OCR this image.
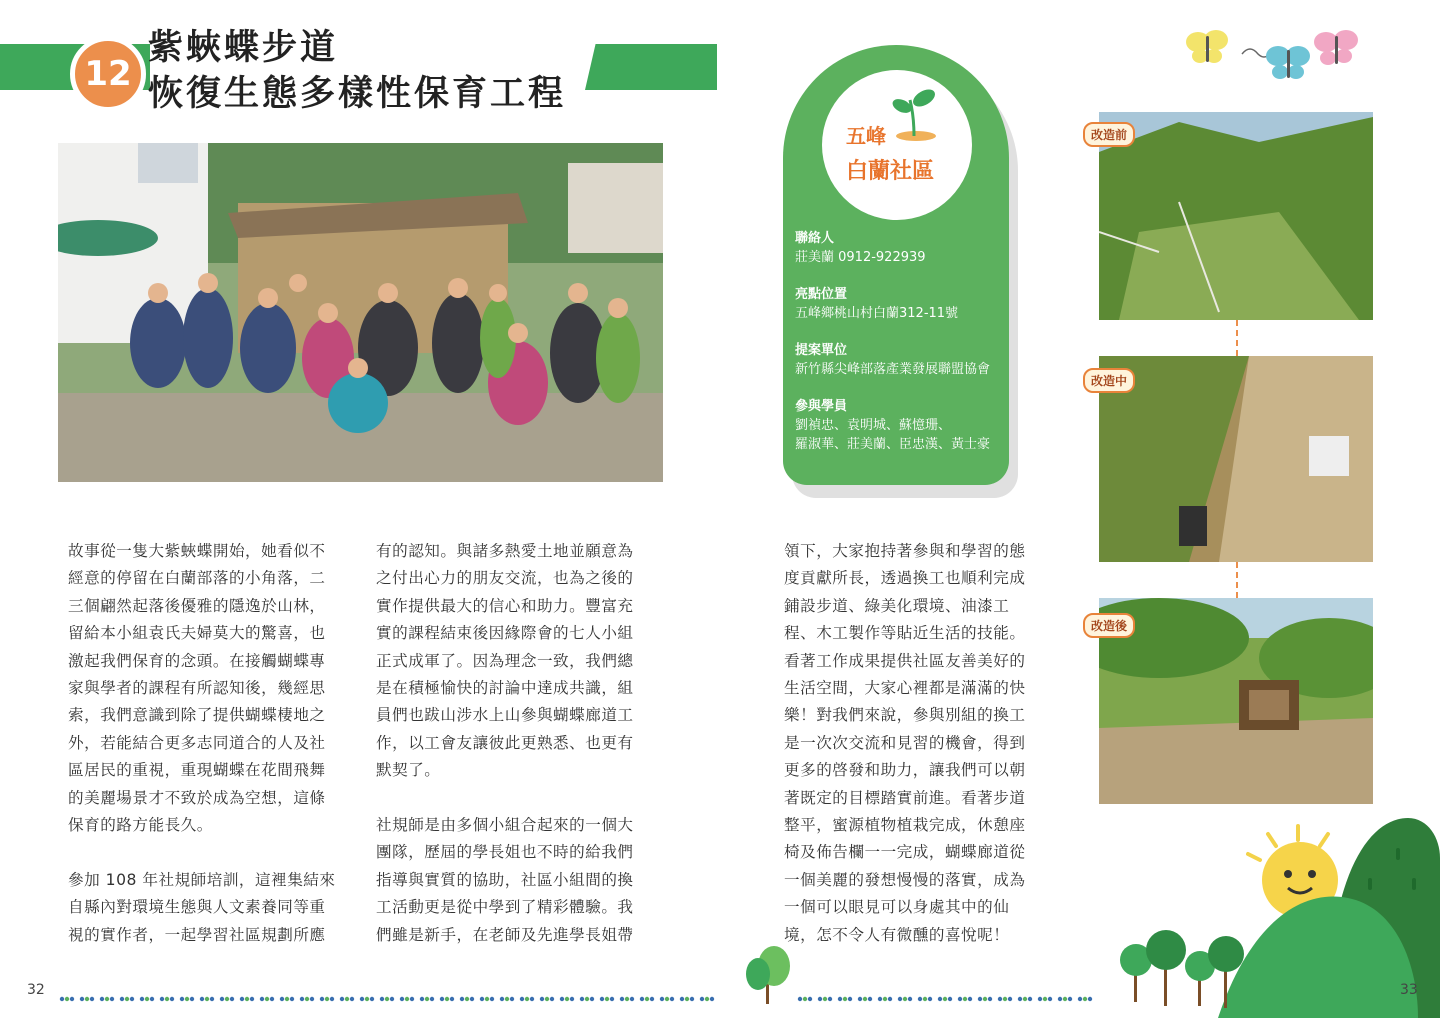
12
紫蛺蝶步道
恢復生態多樣性保育工程
五峰
白蘭社區
聯絡人
莊美蘭 0912-922939
亮點位置
五峰鄉桃山村白蘭312-11號
提案單位
新竹縣尖峰部落產業發展聯盟協會
參與學員
劉禎忠、袁明城、蘇憶珊、
羅淑華、莊美蘭、臣忠漢、黃士豪
改造前
改造中
改造後

故事從一隻大紫蛺蝶開始，她看似不

經意的停留在白蘭部落的小角落，二

三個翩然起落後優雅的隱逸於山林，

留給本小組袁氏夫婦莫大的驚喜，也

激起我們保育的念頭。在接觸蝴蝶專

家與學者的課程有所認知後，幾經思

索，我們意識到除了提供蝴蝶棲地之

外，若能結合更多志同道合的人及社

區居民的重視，重現蝴蝶在花間飛舞

的美麗場景才不致於成為空想，這條

保育的路方能長久。

參加 108 年社規師培訓，這裡集結來

自縣內對環境生態與人文素養同等重

視的實作者，一起學習社區規劃所應

有的認知。與諸多熱愛土地並願意為

之付出心力的朋友交流，也為之後的

實作提供最大的信心和助力。豐富充

實的課程結束後因緣際會的七人小組

正式成軍了。因為理念一致，我們總

是在積極愉快的討論中達成共識，組

員們也跋山涉水上山參與蝴蝶廊道工

作，以工會友讓彼此更熟悉、也更有

默契了。

社規師是由多個小組合起來的一個大

團隊，歷屆的學長姐也不時的給我們

指導與實質的協助，社區小組間的換

工活動更是從中學到了精彩體驗。我

們雖是新手，在老師及先進學長姐帶

領下，大家抱持著參與和學習的態

度貢獻所長，透過換工也順利完成

鋪設步道、綠美化環境、油漆工

程、木工製作等貼近生活的技能。

看著工作成果提供社區友善美好的

生活空間，大家心裡都是滿滿的快

樂！對我們來說，參與別組的換工

是一次次交流和見習的機會，得到

更多的啓發和助力，讓我們可以朝

著既定的目標踏實前進。看著步道

整平，蜜源植物植栽完成，休憩座

椅及佈告欄一一完成，蝴蝶廊道從

一個美麗的發想慢慢的落實，成為

一個可以眼見可以身處其中的仙

境，怎不令人有微醺的喜悅呢！

32	33
